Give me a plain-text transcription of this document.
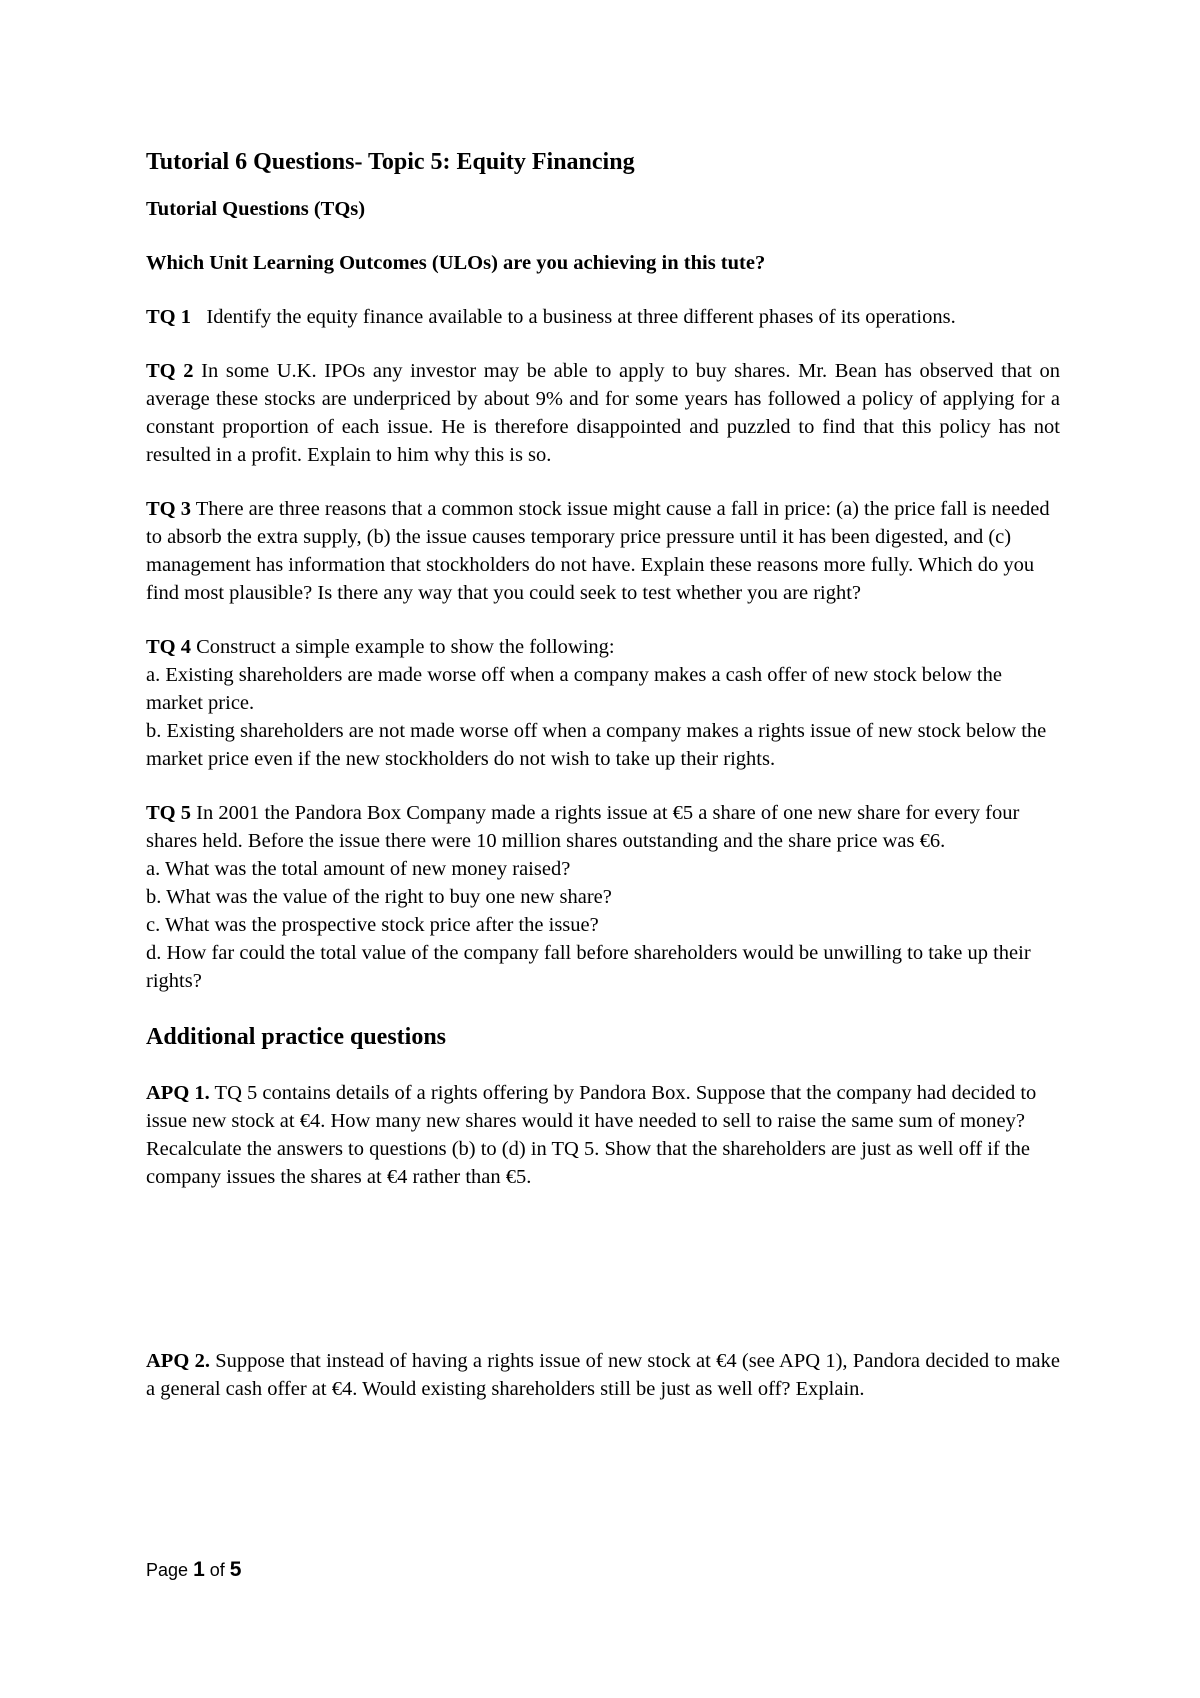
Tutorial 6 Questions- Topic 5: Equity Financing
Tutorial Questions (TQs)
Which Unit Learning Outcomes (ULOs) are you achieving in this tute?
TQ 1 Identify the equity finance available to a business at three different phases of its operations.
TQ 2 In some U.K. IPOs any investor may be able to apply to buy shares. Mr. Bean has observed that on average these stocks are underpriced by about 9% and for some years has followed a policy of applying for a constant proportion of each issue. He is therefore disappointed and puzzled to find that this policy has not resulted in a profit. Explain to him why this is so.
TQ 3 There are three reasons that a common stock issue might cause a fall in price: (a) the price fall is needed to absorb the extra supply, (b) the issue causes temporary price pressure until it has been digested, and (c) management has information that stockholders do not have. Explain these reasons more fully. Which do you find most plausible? Is there any way that you could seek to test whether you are right?
TQ 4 Construct a simple example to show the following:
a. Existing shareholders are made worse off when a company makes a cash offer of new stock below the market price.
b. Existing shareholders are not made worse off when a company makes a rights issue of new stock below the market price even if the new stockholders do not wish to take up their rights.
TQ 5 In 2001 the Pandora Box Company made a rights issue at €5 a share of one new share for every four shares held. Before the issue there were 10 million shares outstanding and the share price was €6.
a. What was the total amount of new money raised?
b. What was the value of the right to buy one new share?
c. What was the prospective stock price after the issue?
d. How far could the total value of the company fall before shareholders would be unwilling to take up their rights?
Additional practice questions
APQ 1. TQ 5 contains details of a rights offering by Pandora Box. Suppose that the company had decided to issue new stock at €4. How many new shares would it have needed to sell to raise the same sum of money? Recalculate the answers to questions (b) to (d) in TQ 5. Show that the shareholders are just as well off if the company issues the shares at €4 rather than €5.
APQ 2. Suppose that instead of having a rights issue of new stock at €4 (see APQ 1), Pandora decided to make a general cash offer at €4. Would existing shareholders still be just as well off? Explain.
Page 1 of 5
